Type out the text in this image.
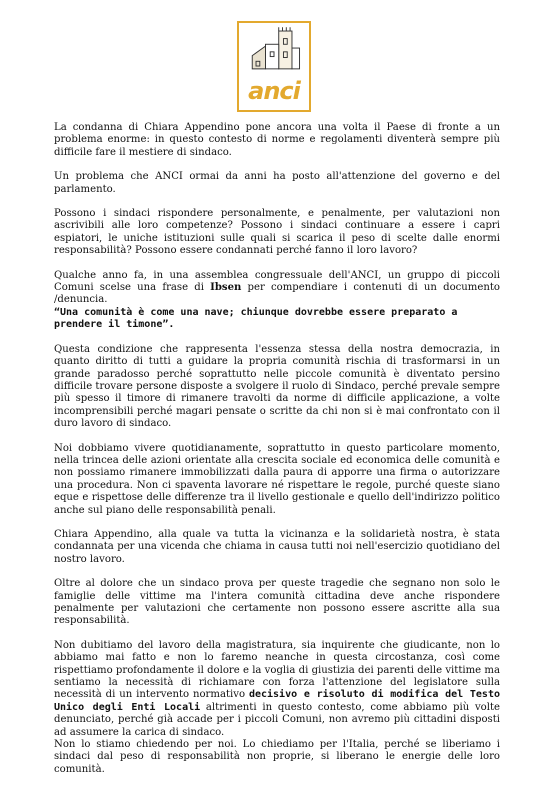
anci

La condanna di Chiara Appendino pone ancora una volta il Paese di fronte a un problema enorme: in questo contesto di norme e regolamenti diventerà sempre più difficile fare il mestiere di sindaco.

Un problema che ANCI ormai da anni ha posto all'attenzione del governo e del parlamento.

Possono i sindaci rispondere personalmente, e penalmente, per valutazioni non ascrivibili alle loro competenze? Possono i sindaci continuare a essere i capri espiatori, le uniche istituzioni sulle quali si scarica il peso di scelte dalle enormi responsabilità? Possono essere condannati perché fanno il loro lavoro?

Qualche anno fa, in una assemblea congressuale dell'ANCI, un gruppo di piccoli Comuni scelse una frase di Ibsen per compendiare i contenuti di un documento /denuncia.

“Una comunità è come una nave; chiunque dovrebbe essere preparato a prendere il timone”.

Questa condizione che rappresenta l'essenza stessa della nostra democrazia, in quanto diritto di tutti a guidare la propria comunità rischia di trasformarsi in un grande paradosso perché soprattutto nelle piccole comunità è diventato persino difficile trovare persone disposte a svolgere il ruolo di Sindaco, perché prevale sempre più spesso il timore di rimanere travolti da norme di difficile applicazione, a volte incomprensibili perché magari pensate o scritte da chi non si è mai confrontato con il duro lavoro di sindaco.

Noi dobbiamo vivere quotidianamente, soprattutto in questo particolare momento, nella trincea delle azioni orientate alla crescita sociale ed economica delle comunità e non possiamo rimanere immobilizzati dalla paura di apporre una firma o autorizzare una procedura. Non ci spaventa lavorare né rispettare le regole, purché queste siano eque e rispettose delle differenze tra il livello gestionale e quello dell'indirizzo politico anche sul piano delle responsabilità penali.

Chiara Appendino, alla quale va tutta la vicinanza e la solidarietà nostra, è stata condannata per una vicenda che chiama in causa tutti noi nell'esercizio quotidiano del nostro lavoro.

Oltre al dolore che un sindaco prova per queste tragedie che segnano non solo le famiglie delle vittime ma l'intera comunità cittadina deve anche rispondere penalmente per valutazioni che certamente non possono essere ascritte alla sua responsabilità.

Non dubitiamo del lavoro della magistratura, sia inquirente che giudicante, non lo abbiamo mai fatto e non lo faremo neanche in questa circostanza, così come rispettiamo profondamente il dolore e la voglia di giustizia dei parenti delle vittime ma sentiamo la necessità di richiamare con forza l'attenzione del legislatore sulla necessità di un intervento normativo decisivo e risoluto di modifica del Testo Unico degli Enti Locali altrimenti in questo contesto, come abbiamo più volte denunciato, perché già accade per i piccoli Comuni, non avremo più cittadini disposti ad assumere la carica di sindaco.

Non lo stiamo chiedendo per noi. Lo chiediamo per l'Italia, perché se liberiamo i sindaci dal peso di responsabilità non proprie, si liberano le energie delle loro comunità.
